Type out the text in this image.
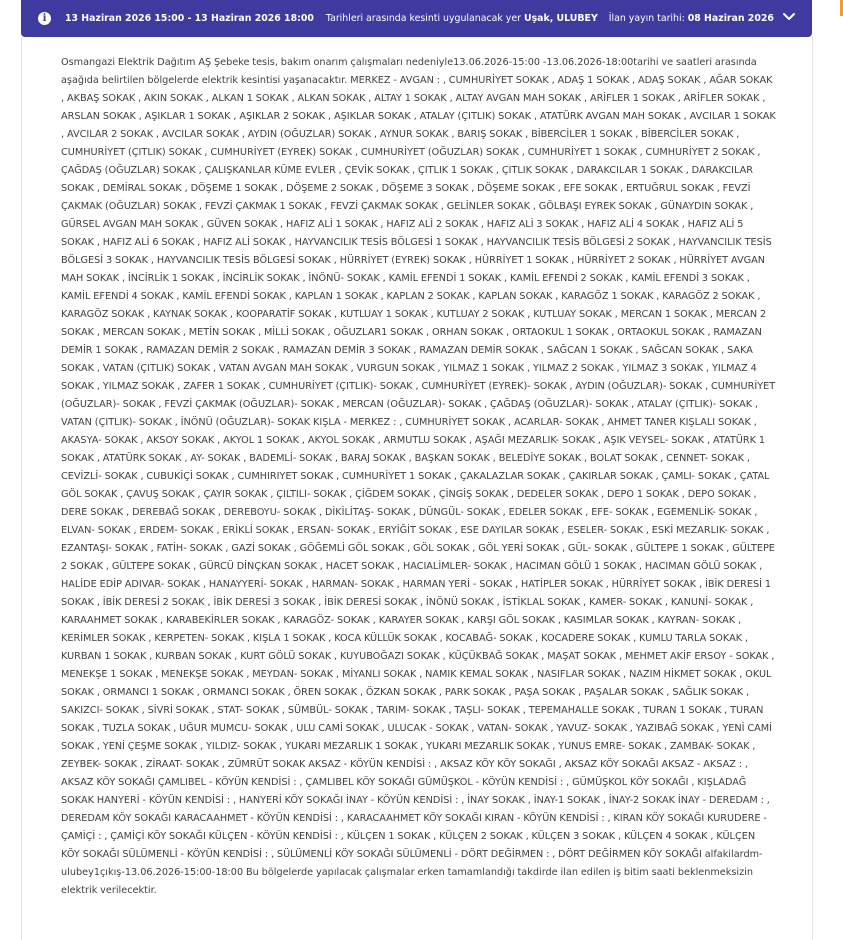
i	13 Haziran 2026 15:00 - 13 Haziran 2026 18:00 Tarihleri arasında kesinti uygulanacak yer Uşak, ULUBEY İlan yayın tarihi: 08 Haziran 2026
Osmangazi Elektrik Dağıtım AŞ Şebeke tesis, bakım onarım çalışmaları nedeniyle13.06.2026-15:00 -13.06.2026-18:00tarihi ve saatleri arasında aşağıda belirtilen bölgelerde elektrik kesintisi yaşanacaktır. MERKEZ - AVGAN : , CUMHURİYET SOKAK , ADAŞ 1 SOKAK , ADAŞ SOKAK , AĞAR SOKAK , AKBAŞ SOKAK , AKIN SOKAK , ALKAN 1 SOKAK , ALKAN SOKAK , ALTAY 1 SOKAK , ALTAY AVGAN MAH SOKAK , ARİFLER 1 SOKAK , ARİFLER SOKAK , ARSLAN SOKAK , AŞIKLAR 1 SOKAK , AŞIKLAR 2 SOKAK , AŞIKLAR SOKAK , ATALAY (ÇITLIK) SOKAK , ATATÜRK AVGAN MAH SOKAK , AVCILAR 1 SOKAK , AVCILAR 2 SOKAK , AVCILAR SOKAK , AYDIN (OĞUZLAR) SOKAK , AYNUR SOKAK , BARIŞ SOKAK , BİBERCİLER 1 SOKAK , BİBERCİLER SOKAK , CUMHURİYET (ÇITLIK) SOKAK , CUMHURİYET (EYREK) SOKAK , CUMHURİYET (OĞUZLAR) SOKAK , CUMHURİYET 1 SOKAK , CUMHURİYET 2 SOKAK , ÇAĞDAŞ (OĞUZLAR) SOKAK , ÇALIŞKANLAR KÜME EVLER , ÇEVİK SOKAK , ÇITLIK 1 SOKAK , ÇITLIK SOKAK , DARAKCILAR 1 SOKAK , DARAKCILAR SOKAK , DEMİRAL SOKAK , DÖŞEME 1 SOKAK , DÖŞEME 2 SOKAK , DÖŞEME 3 SOKAK , DÖŞEME SOKAK , EFE SOKAK , ERTUĞRUL SOKAK , FEVZİ ÇAKMAK (OĞUZLAR) SOKAK , FEVZİ ÇAKMAK 1 SOKAK , FEVZİ ÇAKMAK SOKAK , GELİNLER SOKAK , GÖLBAŞI EYREK SOKAK , GÜNAYDIN SOKAK , GÜRSEL AVGAN MAH SOKAK , GÜVEN SOKAK , HAFIZ ALİ 1 SOKAK , HAFIZ ALİ 2 SOKAK , HAFIZ ALİ 3 SOKAK , HAFIZ ALİ 4 SOKAK , HAFIZ ALİ 5 SOKAK , HAFIZ ALİ 6 SOKAK , HAFIZ ALİ SOKAK , HAYVANCILIK TESİS BÖLGESİ 1 SOKAK , HAYVANCILIK TESİS BÖLGESİ 2 SOKAK , HAYVANCILIK TESİS BÖLGESİ 3 SOKAK , HAYVANCILIK TESİS BÖLGESİ SOKAK , HÜRRİYET (EYREK) SOKAK , HÜRRİYET 1 SOKAK , HÜRRİYET 2 SOKAK , HÜRRİYET AVGAN MAH SOKAK , İNCİRLİK 1 SOKAK , İNCİRLİK SOKAK , İNÖNÜ- SOKAK , KAMİL EFENDİ 1 SOKAK , KAMİL EFENDİ 2 SOKAK , KAMİL EFENDİ 3 SOKAK , KAMİL EFENDİ 4 SOKAK , KAMİL EFENDİ SOKAK , KAPLAN 1 SOKAK , KAPLAN 2 SOKAK , KAPLAN SOKAK , KARAGÖZ 1 SOKAK , KARAGÖZ 2 SOKAK , KARAGÖZ SOKAK , KAYNAK SOKAK , KOOPARATİF SOKAK , KUTLUAY 1 SOKAK , KUTLUAY 2 SOKAK , KUTLUAY SOKAK , MERCAN 1 SOKAK , MERCAN 2 SOKAK , MERCAN SOKAK , METİN SOKAK , MİLLİ SOKAK , OĞUZLAR1 SOKAK , ORHAN SOKAK , ORTAOKUL 1 SOKAK , ORTAOKUL SOKAK , RAMAZAN DEMİR 1 SOKAK , RAMAZAN DEMİR 2 SOKAK , RAMAZAN DEMİR 3 SOKAK , RAMAZAN DEMİR SOKAK , SAĞCAN 1 SOKAK , SAĞCAN SOKAK , SAKA SOKAK , VATAN (ÇITLIK) SOKAK , VATAN AVGAN MAH SOKAK , VURGUN SOKAK , YILMAZ 1 SOKAK , YILMAZ 2 SOKAK , YILMAZ 3 SOKAK , YILMAZ 4 SOKAK , YILMAZ SOKAK , ZAFER 1 SOKAK , CUMHURİYET (ÇITLIK)- SOKAK , CUMHURİYET (EYREK)- SOKAK , AYDIN (OĞUZLAR)- SOKAK , CUMHURİYET (OĞUZLAR)- SOKAK , FEVZİ ÇAKMAK (OĞUZLAR)- SOKAK , MERCAN (OĞUZLAR)- SOKAK , ÇAĞDAŞ (OĞUZLAR)- SOKAK , ATALAY (ÇITLIK)- SOKAK , VATAN (ÇITLIK)- SOKAK , İNÖNÜ (OĞUZLAR)- SOKAK KIŞLA - MERKEZ : , CUMHURİYET SOKAK , ACARLAR- SOKAK , AHMET TANER KIŞLALI SOKAK , AKASYA- SOKAK , AKSOY SOKAK , AKYOL 1 SOKAK , AKYOL SOKAK , ARMUTLU SOKAK , AŞAĞI MEZARLIK- SOKAK , AŞIK VEYSEL- SOKAK , ATATÜRK 1 SOKAK , ATATÜRK SOKAK , AY- SOKAK , BADEMLİ- SOKAK , BARAJ SOKAK , BAŞKAN SOKAK , BELEDİYE SOKAK , BOLAT SOKAK , CENNET- SOKAK , CEVİZLİ- SOKAK , CUBUKİÇİ SOKAK , CUMHIRIYET SOKAK , CUMHURİYET 1 SOKAK , ÇAKALAZLAR SOKAK , ÇAKIRLAR SOKAK , ÇAMLI- SOKAK , ÇATAL GÖL SOKAK , ÇAVUŞ SOKAK , ÇAYIR SOKAK , ÇILTILI- SOKAK , ÇİĞDEM SOKAK , ÇİNGİŞ SOKAK , DEDELER SOKAK , DEPO 1 SOKAK , DEPO SOKAK , DERE SOKAK , DEREBAĞ SOKAK , DEREBOYU- SOKAK , DİKİLİTAŞ- SOKAK , DÜNGÜL- SOKAK , EDELER SOKAK , EFE- SOKAK , EGEMENLİK- SOKAK , ELVAN- SOKAK , ERDEM- SOKAK , ERİKLİ SOKAK , ERSAN- SOKAK , ERYİĞİT SOKAK , ESE DAYILAR SOKAK , ESELER- SOKAK , ESKİ MEZARLIK- SOKAK , EZANTAŞI- SOKAK , FATİH- SOKAK , GAZİ SOKAK , GÖĞEMLİ GÖL SOKAK , GÖL SOKAK , GÖL YERİ SOKAK , GÜL- SOKAK , GÜLTEPE 1 SOKAK , GÜLTEPE 2 SOKAK , GÜLTEPE SOKAK , GÜRCÜ DİNÇKAN SOKAK , HACET SOKAK , HACIALİMLER- SOKAK , HACIMAN GÖLÜ 1 SOKAK , HACIMAN GÖLÜ SOKAK , HALİDE EDİP ADIVAR- SOKAK , HANAYYERİ- SOKAK , HARMAN- SOKAK , HARMAN YERİ - SOKAK , HATİPLER SOKAK , HÜRRİYET SOKAK , İBİK DERESİ 1 SOKAK , İBİK DERESİ 2 SOKAK , İBİK DERESİ 3 SOKAK , İBİK DERESİ SOKAK , İNÖNÜ SOKAK , İSTİKLAL SOKAK , KAMER- SOKAK , KANUNİ- SOKAK , KARAAHMET SOKAK , KARABEKİRLER SOKAK , KARAGÖZ- SOKAK , KARAYER SOKAK , KARŞI GÖL SOKAK , KASIMLAR SOKAK , KAYRAN- SOKAK , KERİMLER SOKAK , KERPETEN- SOKAK , KIŞLA 1 SOKAK , KOCA KÜLLÜK SOKAK , KOCABAĞ- SOKAK , KOCADERE SOKAK , KUMLU TARLA SOKAK , KURBAN 1 SOKAK , KURBAN SOKAK , KURT GÖLÜ SOKAK , KUYUBOĞAZI SOKAK , KÜÇÜKBAĞ SOKAK , MAŞAT SOKAK , MEHMET AKİF ERSOY - SOKAK , MENEKŞE 1 SOKAK , MENEKŞE SOKAK , MEYDAN- SOKAK , MİYANLI SOKAK , NAMIK KEMAL SOKAK , NASIFLAR SOKAK , NAZIM HİKMET SOKAK , OKUL SOKAK , ORMANCI 1 SOKAK , ORMANCI SOKAK , ÖREN SOKAK , ÖZKAN SOKAK , PARK SOKAK , PAŞA SOKAK , PAŞALAR SOKAK , SAĞLIK SOKAK , SAKIZCI- SOKAK , SİVRİ SOKAK , STAT- SOKAK , SÜMBÜL- SOKAK , TARIM- SOKAK , TAŞLI- SOKAK , TEPEMAHALLE SOKAK , TURAN 1 SOKAK , TURAN SOKAK , TUZLA SOKAK , UĞUR MUMCU- SOKAK , ULU CAMİ SOKAK , ULUCAK - SOKAK , VATAN- SOKAK , YAVUZ- SOKAK , YAZIBAĞ SOKAK , YENİ CAMİ SOKAK , YENİ ÇEŞME SOKAK , YILDIZ- SOKAK , YUKARI MEZARLIK 1 SOKAK , YUKARI MEZARLIK SOKAK , YUNUS EMRE- SOKAK , ZAMBAK- SOKAK , ZEYBEK- SOKAK , ZİRAAT- SOKAK , ZÜMRÜT SOKAK AKSAZ - KÖYÜN KENDİSİ : , AKSAZ KÖY KÖY SOKAĞI , AKSAZ KÖY SOKAĞI AKSAZ - AKSAZ : , AKSAZ KÖY SOKAĞI ÇAMLIBEL - KÖYÜN KENDİSİ : , ÇAMLIBEL KÖY SOKAĞI GÜMÜŞKOL - KÖYÜN KENDİSİ : , GÜMÜŞKOL KÖY SOKAĞI , KIŞLADAĞ SOKAK HANYERİ - KÖYÜN KENDİSİ : , HANYERİ KÖY SOKAĞI İNAY - KÖYÜN KENDİSİ : , İNAY SOKAK , İNAY-1 SOKAK , İNAY-2 SOKAK İNAY - DEREDAM : , DEREDAM KÖY SOKAĞI KARACAAHMET - KÖYÜN KENDİSİ : , KARACAAHMET KÖY SOKAĞI KIRAN - KÖYÜN KENDİSİ : , KIRAN KÖY SOKAĞI KURUDERE - ÇAMİÇİ : , ÇAMİÇİ KÖY SOKAĞI KÜLÇEN - KÖYÜN KENDİSİ : , KÜLÇEN 1 SOKAK , KÜLÇEN 2 SOKAK , KÜLÇEN 3 SOKAK , KÜLÇEN 4 SOKAK , KÜLÇEN KÖY SOKAĞI SÜLÜMENLİ - KÖYÜN KENDİSİ : , SÜLÜMENLİ KÖY SOKAĞI SÜLÜMENLİ - DÖRT DEĞİRMEN : , DÖRT DEĞİRMEN KÖY SOKAĞI alfakilardm-ulubey1çıkış-13.06.2026-15:00-18:00 Bu bölgelerde yapılacak çalışmalar erken tamamlandığı takdirde ilan edilen iş bitim saati beklenmeksizin elektrik verilecektir.
